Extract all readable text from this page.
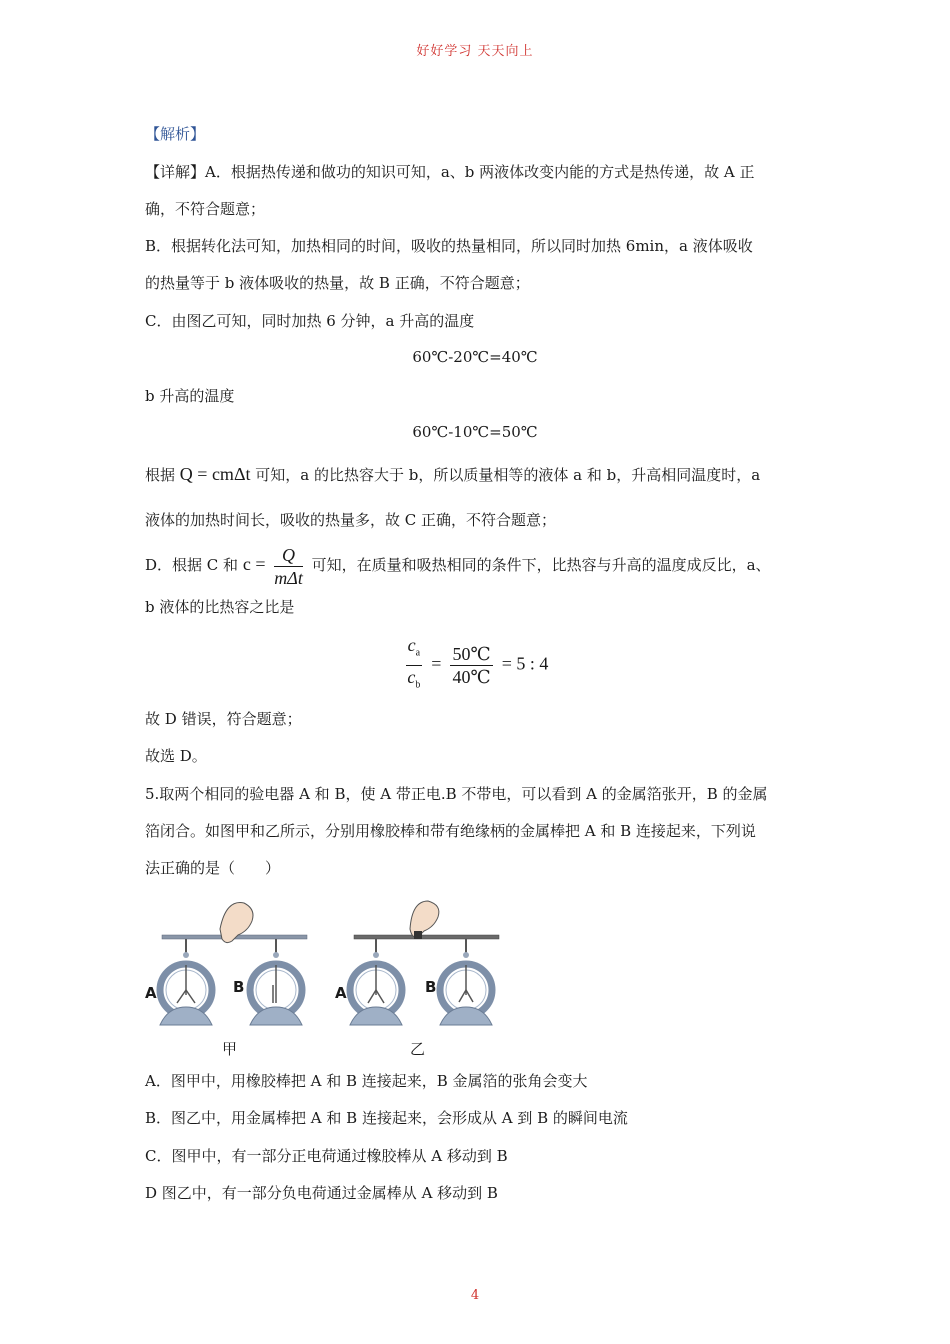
好好学习 天天向上
【解析】
【详解】A．根据热传递和做功的知识可知，a、b 两液体改变内能的方式是热传递，故 A 正
确，不符合题意；
B．根据转化法可知，加热相同的时间，吸收的热量相同，所以同时加热 6min，a 液体吸收
的热量等于 b 液体吸收的热量，故 B 正确，不符合题意；
C．由图乙可知，同时加热 6 分钟，a 升高的温度
60℃-20℃=40℃
b 升高的温度
60℃-10℃=50℃
根据 Q = cmΔt 可知，a 的比热容大于 b，所以质量相等的液体 a 和 b，升高相同温度时，a
液体的加热时间长，吸收的热量多，故 C 正确，不符合题意；
D．根据 C 和 $c = \frac{Q}{\text{mΔt}}$ 可知，在质量和吸热相同的条件下，比热容与升高的温度成反比，a、
b 液体的比热容之比是
$\frac{c_a}{c_b} = \frac{50℃}{40℃} = 5$ : 4
故 D 错误，符合题意；
故选 D。
5.取两个相同的验电器 A 和 B，使 A 带正电.B 不带电，可以看到 A 的金属箔张开，B 的金属
箔闭合。如图甲和乙所示，分别用橡胶棒和带有绝缘柄的金属棒把 A 和 B 连接起来，下列说
法正确的是（　　）
A	B	A	B
甲	乙
A．图甲中，用橡胶棒把 A 和 B 连接起来，B 金属箔的张角会变大
B．图乙中，用金属棒把 A 和 B 连接起来，会形成从 A 到 B 的瞬间电流
C．图甲中，有一部分正电荷通过橡胶棒从 A 移动到 B
D 图乙中，有一部分负电荷通过金属棒从 A 移动到 B
4
